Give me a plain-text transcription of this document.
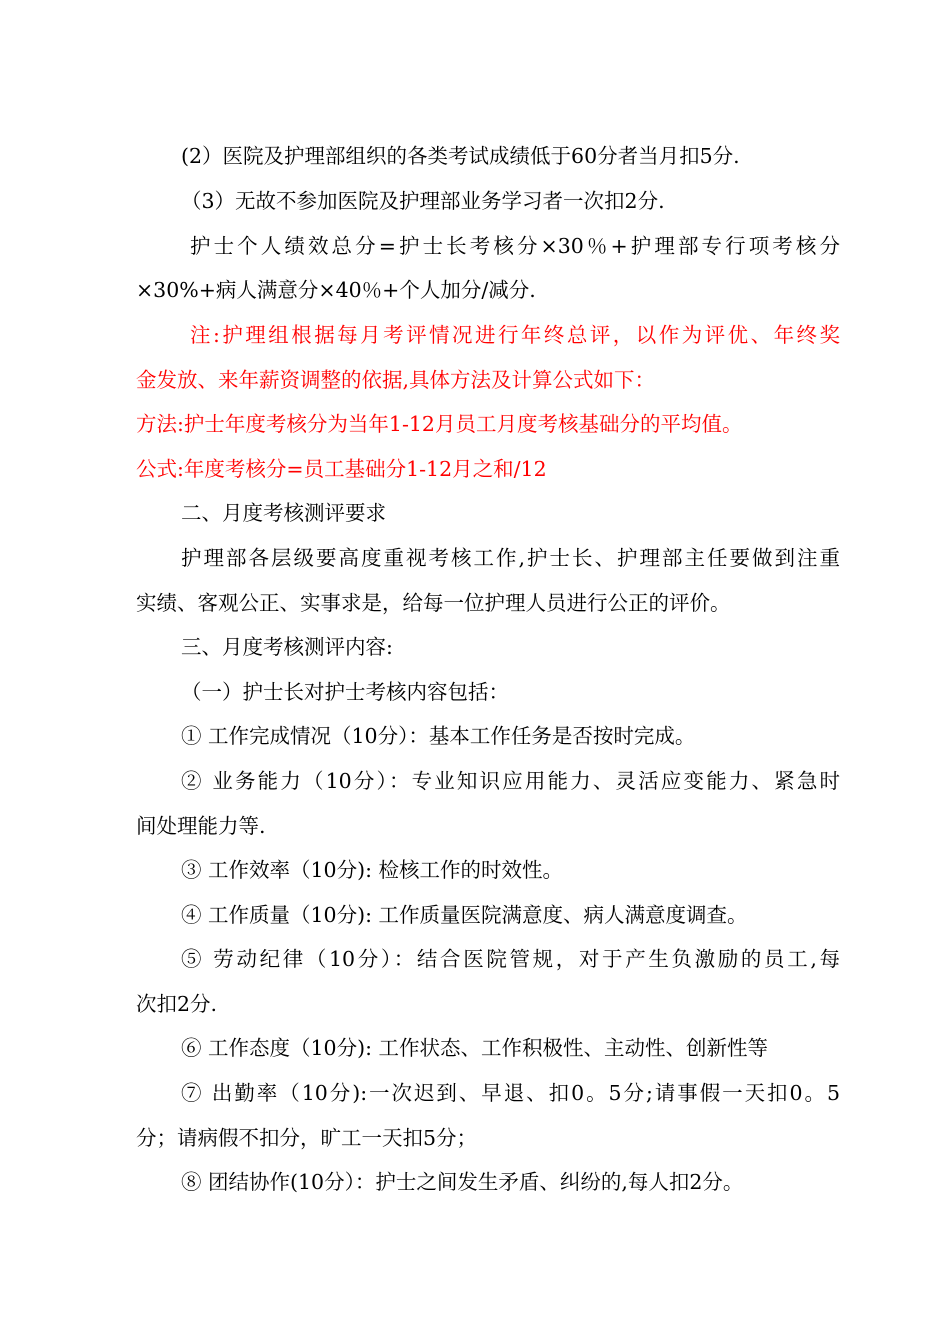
(2）医院及护理部组织的各类考试成绩低于60分者当月扣5分.
（3）无故不参加医院及护理部业务学习者一次扣2分.
护士个人绩效总分=护士长考核分×30％+护理部专行项考核分
×30%+病人满意分×40％+个人加分/减分.
注:护理组根据每月考评情况进行年终总评，以作为评优、年终奖
金发放、来年薪资调整的依据,具体方法及计算公式如下：
方法:护士年度考核分为当年1-12月员工月度考核基础分的平均值。
公式:年度考核分=员工基础分1-12月之和/12
二、月度考核测评要求
护理部各层级要高度重视考核工作,护士长、护理部主任要做到注重
实绩、客观公正、实事求是，给每一位护理人员进行公正的评价。
三、月度考核测评内容:
（一）护士长对护士考核内容包括：
① 工作完成情况（10分）：基本工作任务是否按时完成。
② 业务能力（10分）：专业知识应用能力、灵活应变能力、紧急时
间处理能力等.
③ 工作效率（10分): 检核工作的时效性。
④ 工作质量（10分): 工作质量医院满意度、病人满意度调查。
⑤ 劳动纪律（10分）：结合医院管规，对于产生负激励的员工,每
次扣2分.
⑥ 工作态度（10分): 工作状态、工作积极性、主动性、创新性等
⑦ 出勤率（10分):一次迟到、早退、扣0。5分;请事假一天扣0。5
分；请病假不扣分，旷工一天扣5分；
⑧ 团结协作(10分）：护士之间发生矛盾、纠纷的,每人扣2分。
